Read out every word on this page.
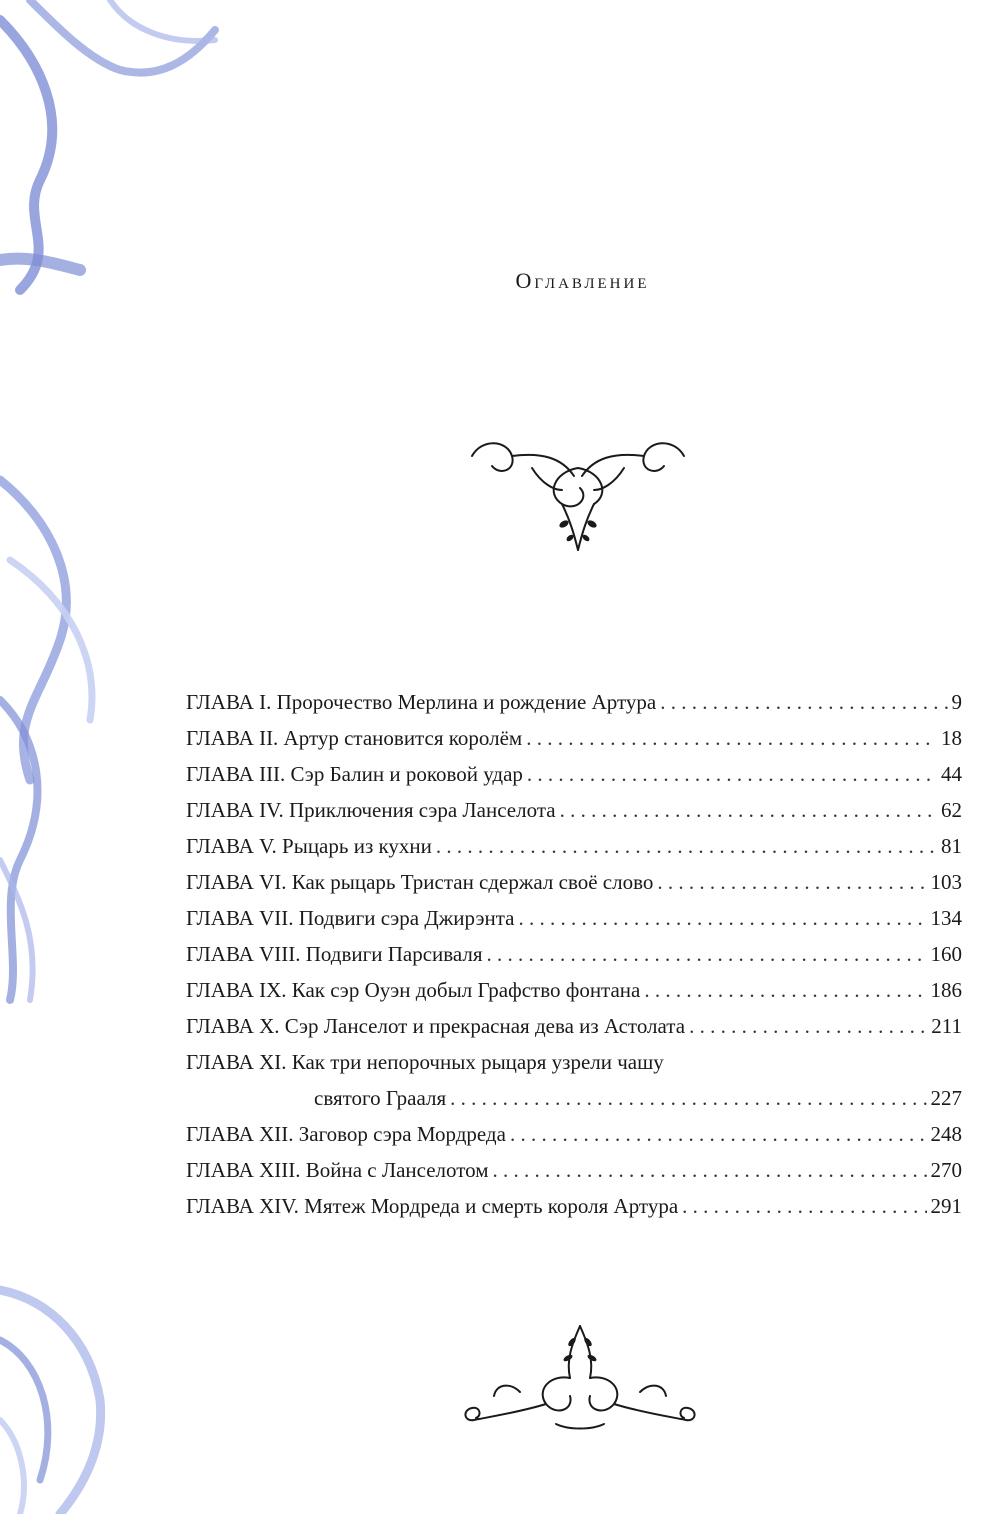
Оглавление
ГЛАВА I. Пророчество Мерлина и рождение Артура . . .	9
ГЛАВА II. Артур становится королём . . .	18
ГЛАВА III. Сэр Балин и роковой удар . . .	44
ГЛАВА IV. Приключения сэра Ланселота . . .	62
ГЛАВА V. Рыцарь из кухни . . .	81
ГЛАВА VI. Как рыцарь Тристан сдержал своё слово . . .	103
ГЛАВА VII. Подвиги сэра Джирэнта . . .	134
ГЛАВА VIII. Подвиги Парсиваля . . .	160
ГЛАВА IX. Как сэр Оуэн добыл Графство фонтана . . .	186
ГЛАВА X. Сэр Ланселот и прекрасная дева из Астолата . . .	211
ГЛАВА XI. Как три непорочных рыцаря узрели чашу
святого Грааля . . .	227
ГЛАВА XII. Заговор сэра Мордреда . . .	248
ГЛАВА XIII. Война с Ланселотом . . .	270
ГЛАВА XIV. Мятеж Мордреда и смерть короля Артура . . .	291
